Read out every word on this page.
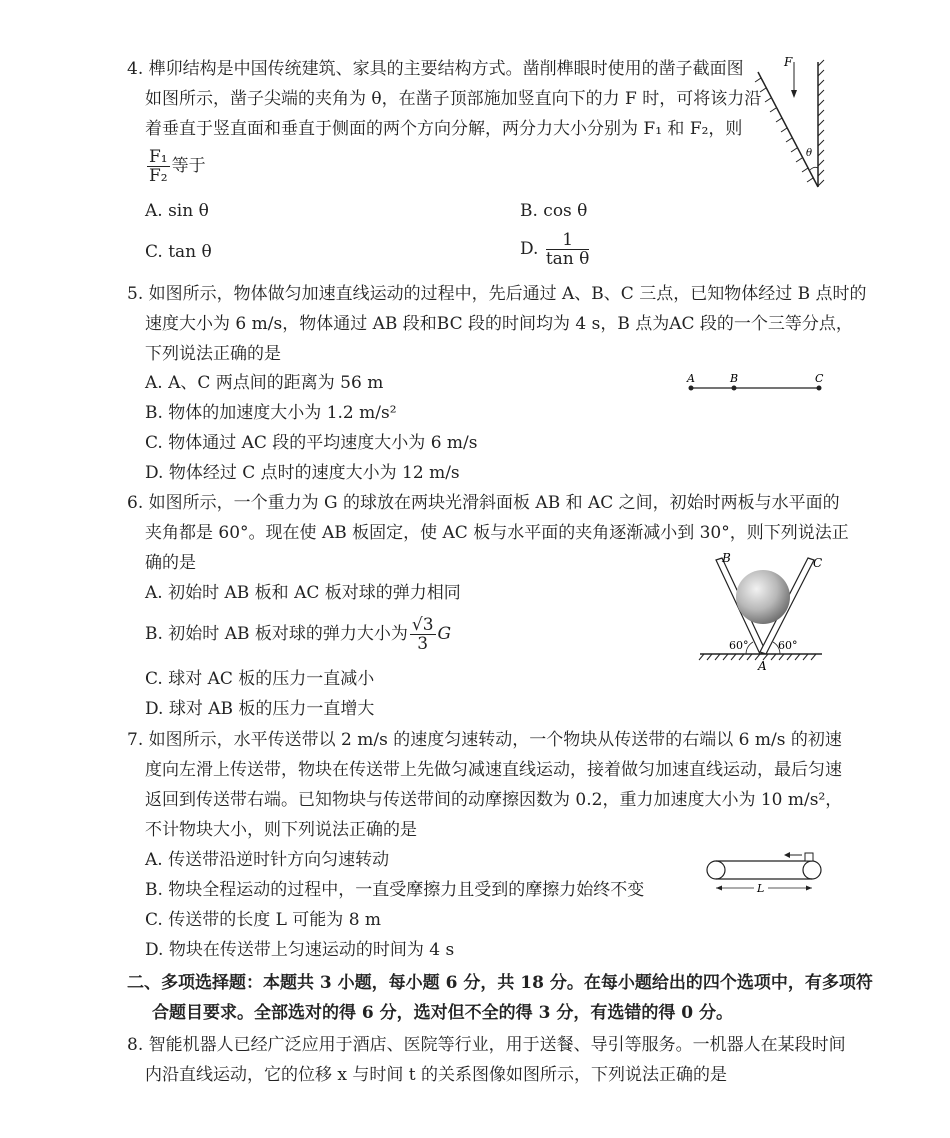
4. 榫卯结构是中国传统建筑、家具的主要结构方式。凿削榫眼时使用的凿子截面图
如图所示，凿子尖端的夹角为 θ，在凿子顶部施加竖直向下的力 F 时，可将该力沿
着垂直于竖直面和垂直于侧面的两个方向分解，两分力大小分别为 F₁ 和 F₂，则
$\frac{\text{F₁}}{\text{F₂}}$ 等于
A. sin θ	B. cos θ
C. tan θ	D. $\frac{1}{\text{tan θ}}$
F
θ
5. 如图所示，物体做匀加速直线运动的过程中，先后通过 A、B、C 三点，已知物体经过 B 点时的
速度大小为 6 m/s，物体通过 AB 段和BC 段的时间均为 4 s，B 点为AC 段的一个三等分点，
下列说法正确的是
A. A、C 两点间的距离为 56 m
B. 物体的加速度大小为 1.2 m/s²
C. 物体通过 AC 段的平均速度大小为 6 m/s
D. 物体经过 C 点时的速度大小为 12 m/s
A	B	C
6. 如图所示，一个重力为 G 的球放在两块光滑斜面板 AB 和 AC 之间，初始时两板与水平面的
夹角都是 60°。现在使 AB 板固定，使 AC 板与水平面的夹角逐渐减小到 30°，则下列说法正
确的是
A. 初始时 AB 板和 AC 板对球的弹力相同
B. 初始时 AB 板对球的弹力大小为 $\frac{√3}{3}$ G
C. 球对 AC 板的压力一直减小
D. 球对 AB 板的压力一直增大
B	C
A
60°	60°
7. 如图所示，水平传送带以 2 m/s 的速度匀速转动，一个物块从传送带的右端以 6 m/s 的初速
度向左滑上传送带，物块在传送带上先做匀减速直线运动，接着做匀加速直线运动，最后匀速
返回到传送带右端。已知物块与传送带间的动摩擦因数为 0.2，重力加速度大小为 10 m/s²，
不计物块大小，则下列说法正确的是
A. 传送带沿逆时针方向匀速转动
B. 物块全程运动的过程中，一直受摩擦力且受到的摩擦力始终不变
C. 传送带的长度 L 可能为 8 m
D. 物块在传送带上匀速运动的时间为 4 s
L
二、多项选择题：本题共 3 小题，每小题 6 分，共 18 分。在每小题给出的四个选项中，有多项符
合题目要求。全部选对的得 6 分，选对但不全的得 3 分，有选错的得 0 分。
8. 智能机器人已经广泛应用于酒店、医院等行业，用于送餐、导引等服务。一机器人在某段时间
内沿直线运动，它的位移 x 与时间 t 的关系图像如图所示，下列说法正确的是
